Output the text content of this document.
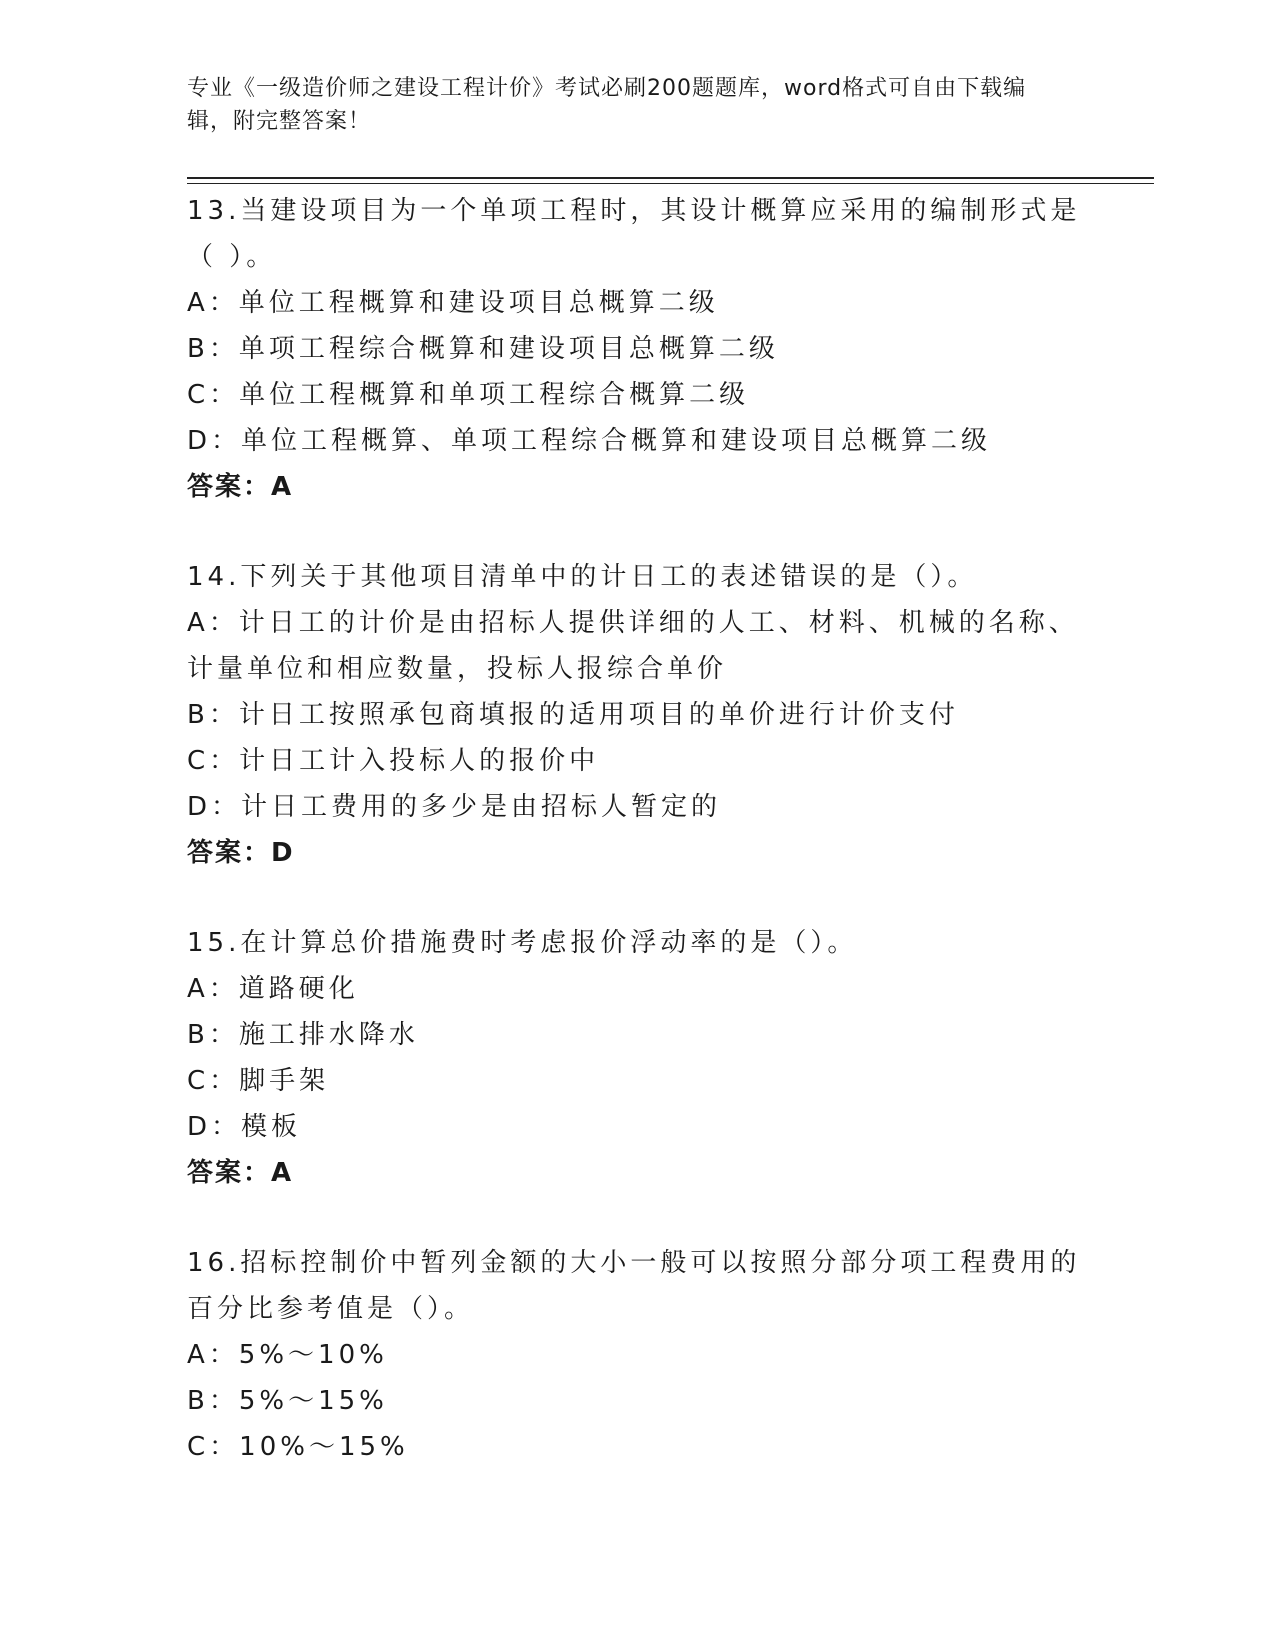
专业《一级造价师之建设工程计价》考试必刷200题题库，word格式可自由下载编辑，附完整答案！

13.当建设项目为一个单项工程时，其设计概算应采用的编制形式是（ ）。

A：单位工程概算和建设项目总概算二级

B：单项工程综合概算和建设项目总概算二级

C：单位工程概算和单项工程综合概算二级

D：单位工程概算、单项工程综合概算和建设项目总概算二级

答案：A

14.下列关于其他项目清单中的计日工的表述错误的是（）。

A：计日工的计价是由招标人提供详细的人工、材料、机械的名称、计量单位和相应数量，投标人报综合单价

B：计日工按照承包商填报的适用项目的单价进行计价支付

C：计日工计入投标人的报价中

D：计日工费用的多少是由招标人暂定的

答案：D

15.在计算总价措施费时考虑报价浮动率的是（）。

A：道路硬化

B：施工排水降水

C：脚手架

D：模板

答案：A

16.招标控制价中暂列金额的大小一般可以按照分部分项工程费用的百分比参考值是（）。

A：5%～10%

B：5%～15%

C：10%～15%
